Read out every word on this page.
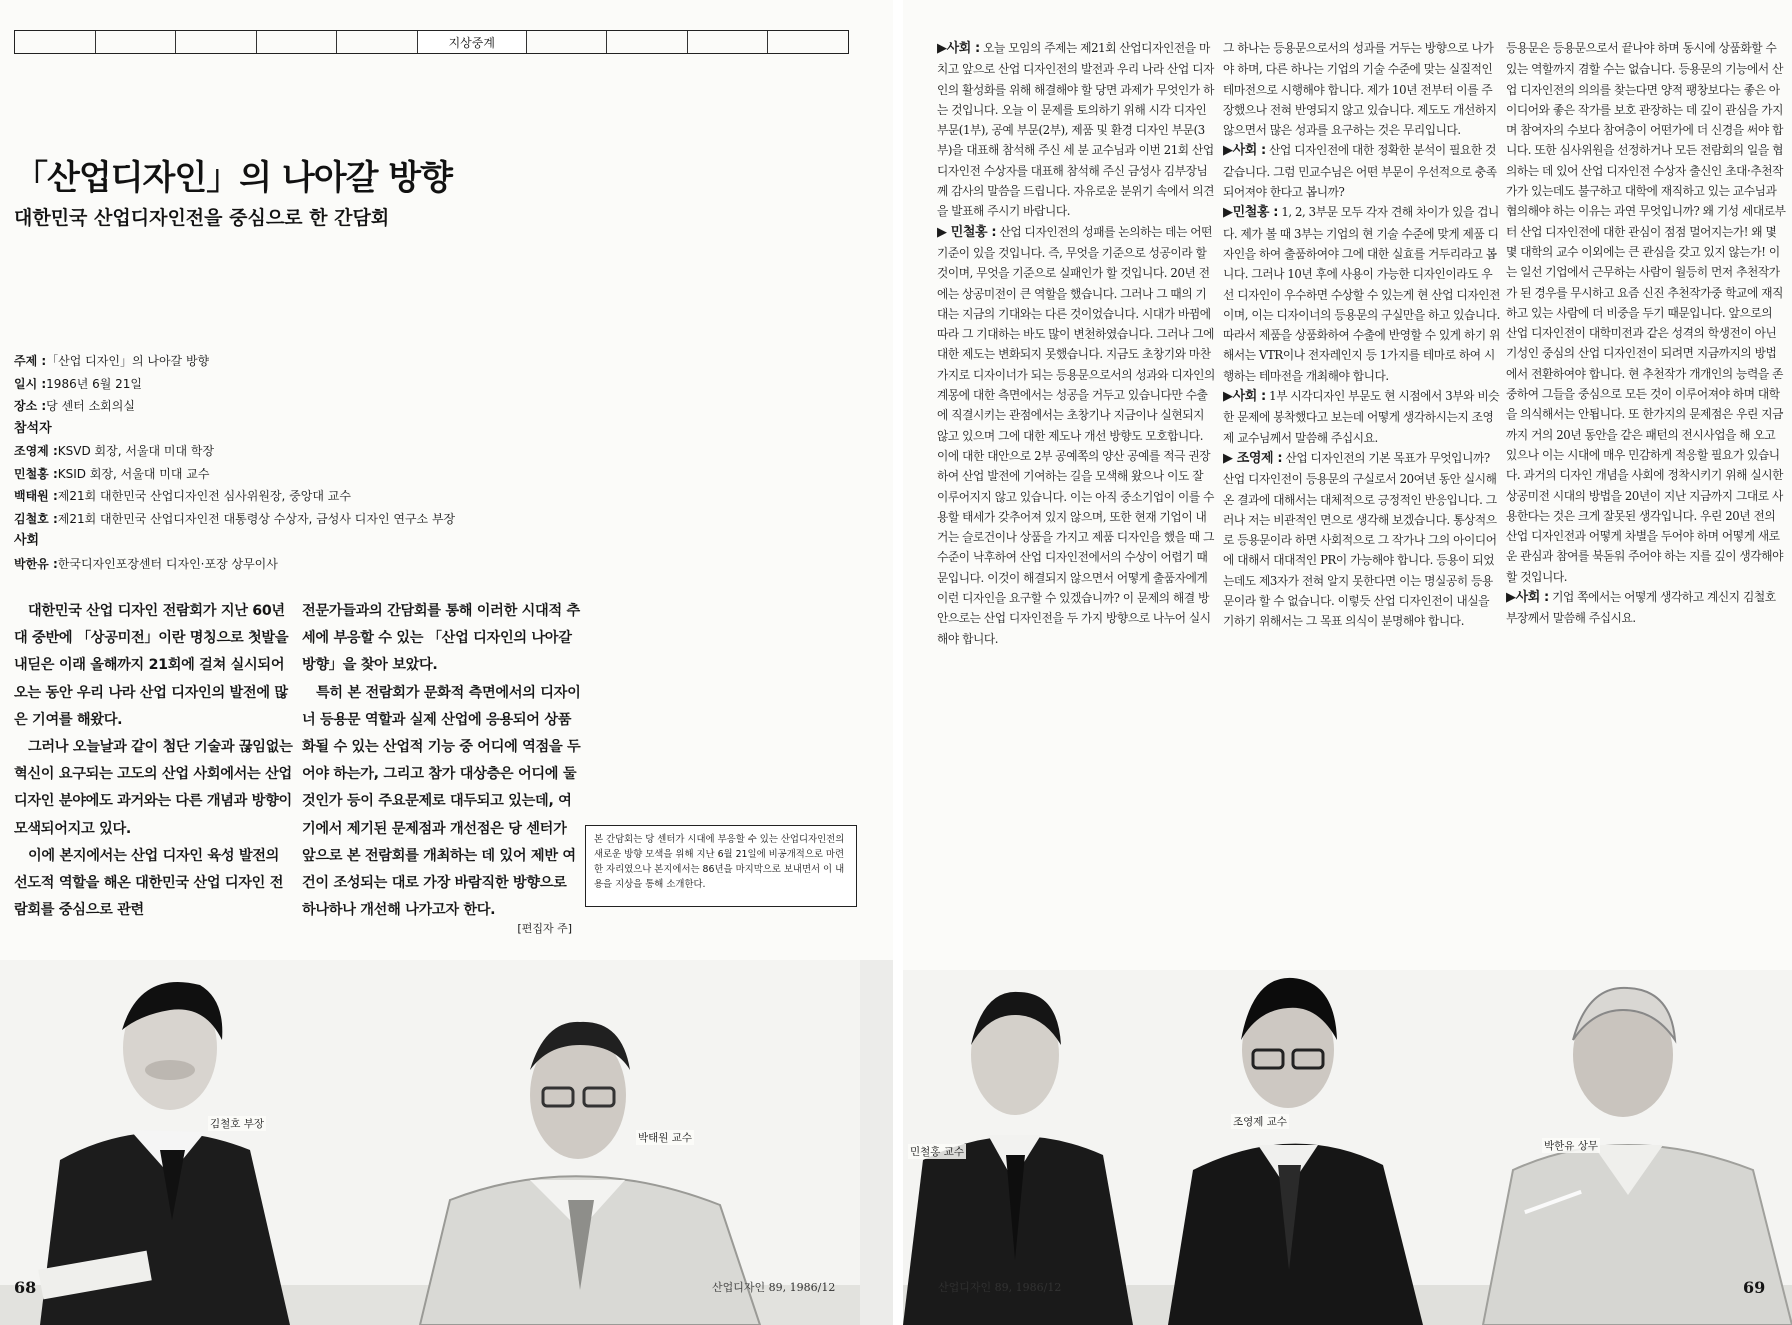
지상중계
「산업디자인」의 나아갈 방향
대한민국 산업디자인전을 중심으로 한 간담회
주제 :「산업 디자인」의 나아갈 방향
일시 :1986년 6월 21일
장소 :당 센터 소회의실
참석자
조영제 :KSVD 회장, 서울대 미대 학장
민철홍 :KSID 회장, 서울대 미대 교수
백태원 :제21회 대한민국 산업디자인전 심사위원장, 중앙대 교수
김철호 :제21회 대한민국 산업디자인전 대통령상 수상자, 금성사 디자인 연구소 부장
사회
박한유 :한국디자인포장센터 디자인·포장 상무이사

대한민국 산업 디자인 전람회가 지난 60년대 중반에 「상공미전」이란 명칭으로 첫발을 내딛은 이래 올해까지 21회에 걸쳐 실시되어 오는 동안 우리 나라 산업 디자인의 발전에 많은 기여를 해왔다.

그러나 오늘날과 같이 첨단 기술과 끊임없는 혁신이 요구되는 고도의 산업 사회에서는 산업 디자인 분야에도 과거와는 다른 개념과 방향이 모색되어지고 있다.

이에 본지에서는 산업 디자인 육성 발전의 선도적 역할을 해온 대한민국 산업 디자인 전람회를 중심으로 관련

전문가들과의 간담회를 통해 이러한 시대적 추세에 부응할 수 있는 「산업 디자인의 나아갈 방향」을 찾아 보았다.

특히 본 전람회가 문화적 측면에서의 디자이너 등용문 역할과 실제 산업에 응용되어 상품화될 수 있는 산업적 기능 중 어디에 역점을 두어야 하는가, 그리고 참가 대상층은 어디에 둘 것인가 등이 주요문제로 대두되고 있는데, 여기에서 제기된 문제점과 개선점은 당 센터가 앞으로 본 전람회를 개최하는 데 있어 제반 여건이 조성되는 대로 가장 바람직한 방향으로 하나하나 개선해 나가고자 한다.

본 간담회는 당 센터가 시대에 부응할 수 있는 산업디자인전의 새로운 방향 모색을 위해 지난 6월 21일에 비공개적으로 마련한 자리였으나 본지에서는 86년을 마지막으로 보내면서 이 내용을 지상을 통해 소개한다.
[편집자 주]
김철호 부장
박태원 교수
68	산업디자인 89, 1986/12

▶사회 : 오늘 모임의 주제는 제21회 산업디자인전을 마치고 앞으로 산업 디자인전의 발전과 우리 나라 산업 디자인의 활성화를 위해 해결해야 할 당면 과제가 무엇인가 하는 것입니다. 오늘 이 문제를 토의하기 위해 시각 디자인 부문(1부), 공예 부문(2부), 제품 및 환경 디자인 부문(3부)을 대표해 참석해 주신 세 분 교수님과 이번 21회 산업 디자인전 수상자를 대표해 참석해 주신 금성사 김부장님께 감사의 말씀을 드립니다. 자유로운 분위기 속에서 의견을 발표해 주시기 바랍니다.

▶ 민철홍 : 산업 디자인전의 성패를 논의하는 데는 어떤 기준이 있을 것입니다. 즉, 무엇을 기준으로 성공이라 할 것이며, 무엇을 기준으로 실패인가 할 것입니다. 20년 전에는 상공미전이 큰 역할을 했습니다. 그러나 그 때의 기대는 지금의 기대와는 다른 것이었습니다. 시대가 바뀜에 따라 그 기대하는 바도 많이 변천하였습니다. 그러나 그에 대한 제도는 변화되지 못했습니다. 지금도 초창기와 마찬가지로 디자이너가 되는 등용문으로서의 성과와 디자인의 계몽에 대한 측면에서는 성공을 거두고 있습니다만 수출에 직결시키는 관점에서는 초창기나 지금이나 실현되지 않고 있으며 그에 대한 제도나 개선 방향도 모호합니다. 이에 대한 대안으로 2부 공예쪽의 양산 공예를 적극 권장하여 산업 발전에 기여하는 길을 모색해 왔으나 이도 잘 이루어지지 않고 있습니다. 이는 아직 중소기업이 이를 수용할 태세가 갖추어져 있지 않으며, 또한 현재 기업이 내거는 슬로건이나 상품을 가지고 제품 디자인을 했을 때 그 수준이 낙후하여 산업 디자인전에서의 수상이 어렵기 때문입니다. 이것이 해결되지 않으면서 어떻게 출품자에게 이런 디자인을 요구할 수 있겠습니까? 이 문제의 해결 방안으로는 산업 디자인전을 두 가지 방향으로 나누어 실시해야 합니다.

그 하나는 등용문으로서의 성과를 거두는 방향으로 나가야 하며, 다른 하나는 기업의 기술 수준에 맞는 실질적인 테마전으로 시행해야 합니다. 제가 10년 전부터 이를 주장했으나 전혀 반영되지 않고 있습니다. 제도도 개선하지 않으면서 많은 성과를 요구하는 것은 무리입니다.

▶사회 : 산업 디자인전에 대한 정확한 분석이 필요한 것 같습니다. 그럼 민교수님은 어떤 부문이 우선적으로 충족되어져야 한다고 봅니까?

▶민철홍 : 1, 2, 3부문 모두 각자 견해 차이가 있을 겁니다. 제가 볼 때 3부는 기업의 현 기술 수준에 맞게 제품 디자인을 하여 출품하여야 그에 대한 실효를 거두리라고 봅니다. 그러나 10년 후에 사용이 가능한 디자인이라도 우선 디자인이 우수하면 수상할 수 있는게 현 산업 디자인전이며, 이는 디자이너의 등용문의 구실만을 하고 있습니다. 따라서 제품을 상품화하여 수출에 반영할 수 있게 하기 위해서는 VTR이나 전자레인지 등 1가지를 테마로 하여 시행하는 테마전을 개최해야 합니다.

▶사회 : 1부 시각디자인 부문도 현 시점에서 3부와 비슷한 문제에 봉착했다고 보는데 어떻게 생각하시는지 조영제 교수님께서 말씀해 주십시요.

▶ 조영제 : 산업 디자인전의 기본 목표가 무엇입니까? 산업 디자인전이 등용문의 구실로서 20여년 동안 실시해 온 결과에 대해서는 대체적으로 긍정적인 반응입니다. 그러나 저는 비관적인 면으로 생각해 보겠습니다. 통상적으로 등용문이라 하면 사회적으로 그 작가나 그의 아이디어에 대해서 대대적인 PR이 가능해야 합니다. 등용이 되었는데도 제3자가 전혀 알지 못한다면 이는 명실공히 등용문이라 할 수 없습니다. 이렇듯 산업 디자인전이 내실을 기하기 위해서는 그 목표 의식이 분명해야 합니다.

등용문은 등용문으로서 끝나야 하며 동시에 상품화할 수 있는 역할까지 겸할 수는 없습니다. 등용문의 기능에서 산업 디자인전의 의의를 찾는다면 양적 팽창보다는 좋은 아이디어와 좋은 작가를 보호 관장하는 데 깊이 관심을 가지며 참여자의 수보다 참여층이 어떤가에 더 신경을 써야 합니다. 또한 심사위원을 선정하거나 모든 전람회의 일을 협의하는 데 있어 산업 디자인전 수상자 출신인 초대·추천작가가 있는데도 불구하고 대학에 재직하고 있는 교수님과 협의해야 하는 이유는 과연 무엇입니까? 왜 기성 세대로부터 산업 디자인전에 대한 관심이 점점 멀어지는가! 왜 몇몇 대학의 교수 이외에는 큰 관심을 갖고 있지 않는가! 이는 일선 기업에서 근무하는 사람이 월등히 먼저 추천작가가 된 경우를 무시하고 요즘 신진 추천작가중 학교에 재직하고 있는 사람에 더 비중을 두기 때문입니다. 앞으로의 산업 디자인전이 대학미전과 같은 성격의 학생전이 아닌 기성인 중심의 산업 디자인전이 되려면 지금까지의 방법에서 전환하여야 합니다. 현 추천작가 개개인의 능력을 존중하여 그들을 중심으로 모든 것이 이루어져야 하며 대학을 의식해서는 안됩니다. 또 한가지의 문제점은 우린 지금까지 거의 20년 동안을 같은 패턴의 전시사업을 해 오고 있으나 이는 시대에 매우 민감하게 적응할 필요가 있습니다. 과거의 디자인 개념을 사회에 정착시키기 위해 실시한 상공미전 시대의 방법을 20년이 지난 지금까지 그대로 사용한다는 것은 크게 잘못된 생각입니다. 우린 20년 전의 산업 디자인전과 어떻게 차별을 두어야 하며 어떻게 새로운 관심과 참여를 북돋워 주어야 하는 지를 깊이 생각해야 할 것입니다.

▶사회 : 기업 쪽에서는 어떻게 생각하고 계신지 김철호 부장께서 말씀해 주십시요.

민철홍 교수
조영제 교수
박한유 상무
산업디자인 89, 1986/12	69
